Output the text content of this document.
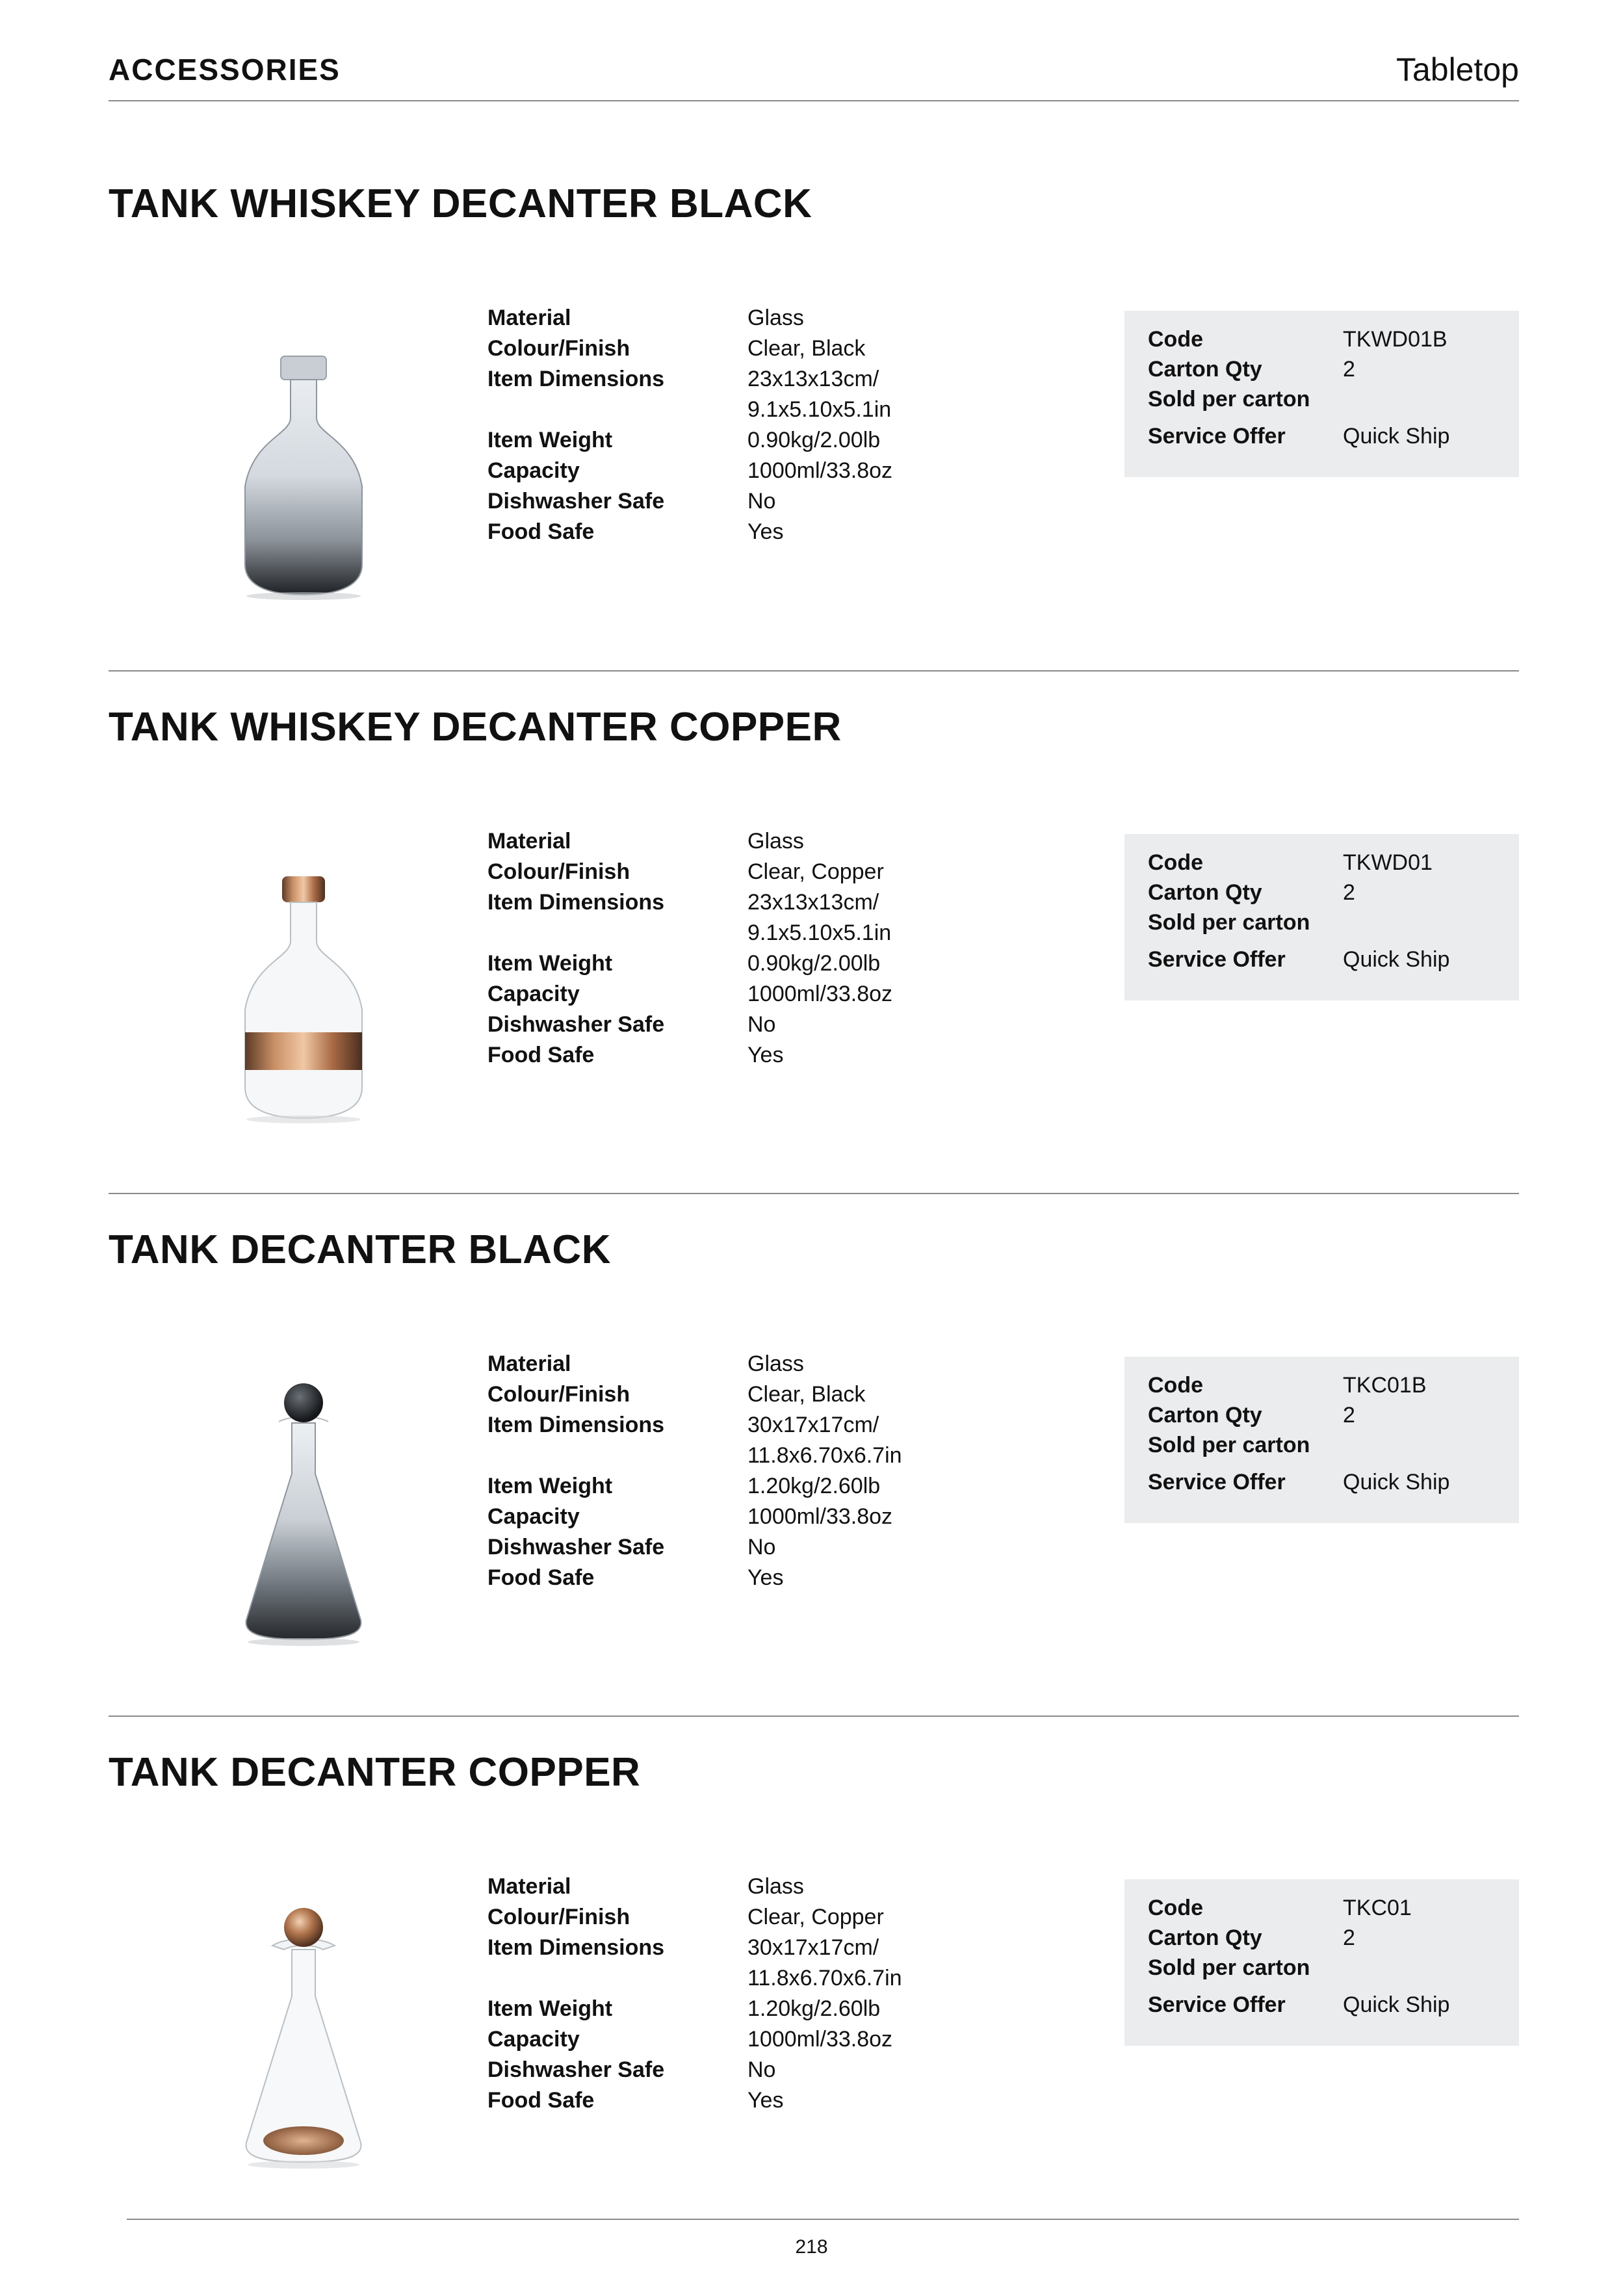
ACCESSORIES	Tabletop
TANK WHISKEY DECANTER BLACK
Material	Glass
Colour/Finish	Clear, Black
Item Dimensions	23x13x13cm/
9.1x5.10x5.1in
Item Weight	0.90kg/2.00lb
Capacity	1000ml/33.8oz
Dishwasher Safe	No
Food Safe	Yes
Code	TKWD01B
Carton Qty	2
Sold per carton
Service Offer	Quick Ship
TANK WHISKEY DECANTER COPPER
Material	Glass
Colour/Finish	Clear, Copper
Item Dimensions	23x13x13cm/
9.1x5.10x5.1in
Item Weight	0.90kg/2.00lb
Capacity	1000ml/33.8oz
Dishwasher Safe	No
Food Safe	Yes
Code	TKWD01
Carton Qty	2
Sold per carton
Service Offer	Quick Ship
TANK DECANTER BLACK
Material	Glass
Colour/Finish	Clear, Black
Item Dimensions	30x17x17cm/
11.8x6.70x6.7in
Item Weight	1.20kg/2.60lb
Capacity	1000ml/33.8oz
Dishwasher Safe	No
Food Safe	Yes
Code	TKC01B
Carton Qty	2
Sold per carton
Service Offer	Quick Ship
TANK DECANTER COPPER
Material	Glass
Colour/Finish	Clear, Copper
Item Dimensions	30x17x17cm/
11.8x6.70x6.7in
Item Weight	1.20kg/2.60lb
Capacity	1000ml/33.8oz
Dishwasher Safe	No
Food Safe	Yes
Code	TKC01
Carton Qty	2
Sold per carton
Service Offer	Quick Ship
218
